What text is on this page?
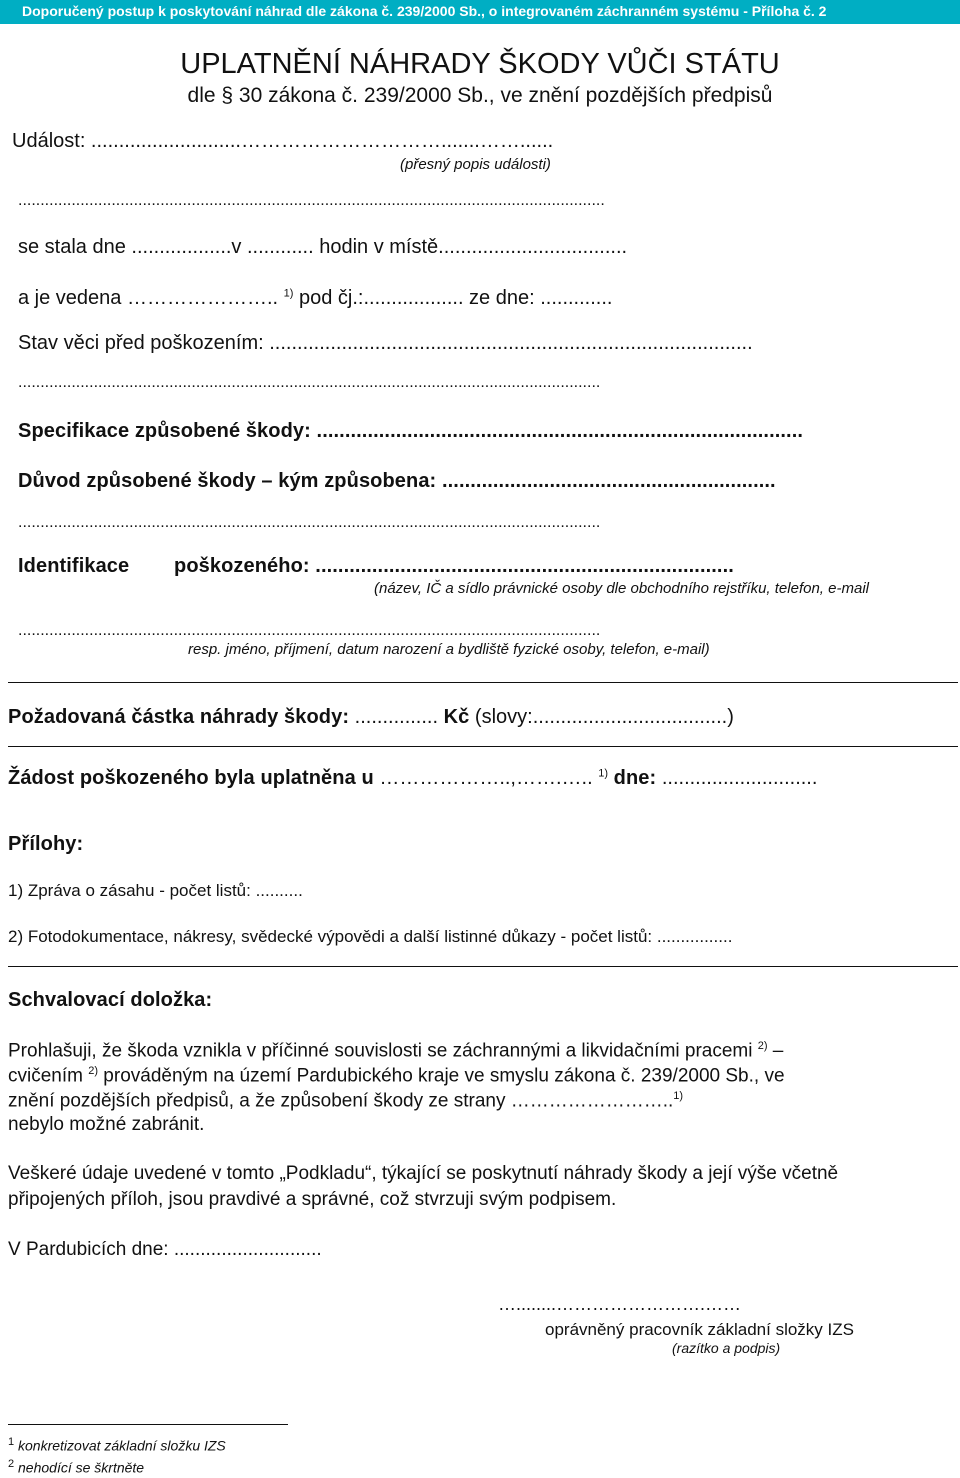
Doporučený postup k poskytování náhrad dle zákona č. 239/2000 Sb., o integrovaném záchranném systému - Příloha č. 2
UPLATNĚNÍ NÁHRADY ŠKODY VŮČI STÁTU
dle § 30 zákona č. 239/2000 Sb., ve znění pozdějších předpisů
Událost: ...........................………………………….......……......
(přesný popis události)
....................................................................................................................................
se stala dne ..................v ............ hodin v místě..................................
a je vedena ………………….. $^{1)}$ pod čj.:.................. ze dne: .............
Stav věci před poškozením: .......................................................................................
...................................................................................................................................
Specifikace způsobené škody: ......................................................................................
Důvod způsobené škody – kým způsobena: ...........................................................
...................................................................................................................................
Identifikace poškozeného: ..........................................................................
(název, IČ a sídlo právnické osoby dle obchodního rejstříku, telefon, e-mail
...................................................................................................................................
resp. jméno, příjmení, datum narození a bydliště fyzické osoby, telefon, e-mail)
Požadovaná částka náhrady škody: ............... Kč (slovy:...................................)
Žádost poškozeného byla uplatněna u ………………..,…….….. $^{1)}$ dne: ............................
Přílohy:
1) Zpráva o zásahu - počet listů: ..........
2) Fotodokumentace, nákresy, svědecké výpovědi a další listinné důkazy - počet listů: ................
Schvalovací doložka:
Prohlašuji, že škoda vznikla v příčinné souvislosti se záchrannými a likvidačními pracemi $^{2)}$ –
cvičením $^{2)}$ prováděným na území Pardubického kraje ve smyslu zákona č. 239/2000 Sb., ve
znění pozdějších předpisů, a že způsobení škody ze strany ……………………..$^{1)}$
nebylo možné zabránit.
Veškeré údaje uvedené v tomto „Podkladu“, týkající se poskytnutí náhrady škody a její výše včetně
připojených příloh, jsou pravdivé a správné, což stvrzuji svým podpisem.
V Pardubicích dne: ............................
…........…………………….……
oprávněný pracovník základní složky IZS
(razítko a podpis)
$^1$ konkretizovat základní složku IZS
$^2$ nehodící se škrtněte
